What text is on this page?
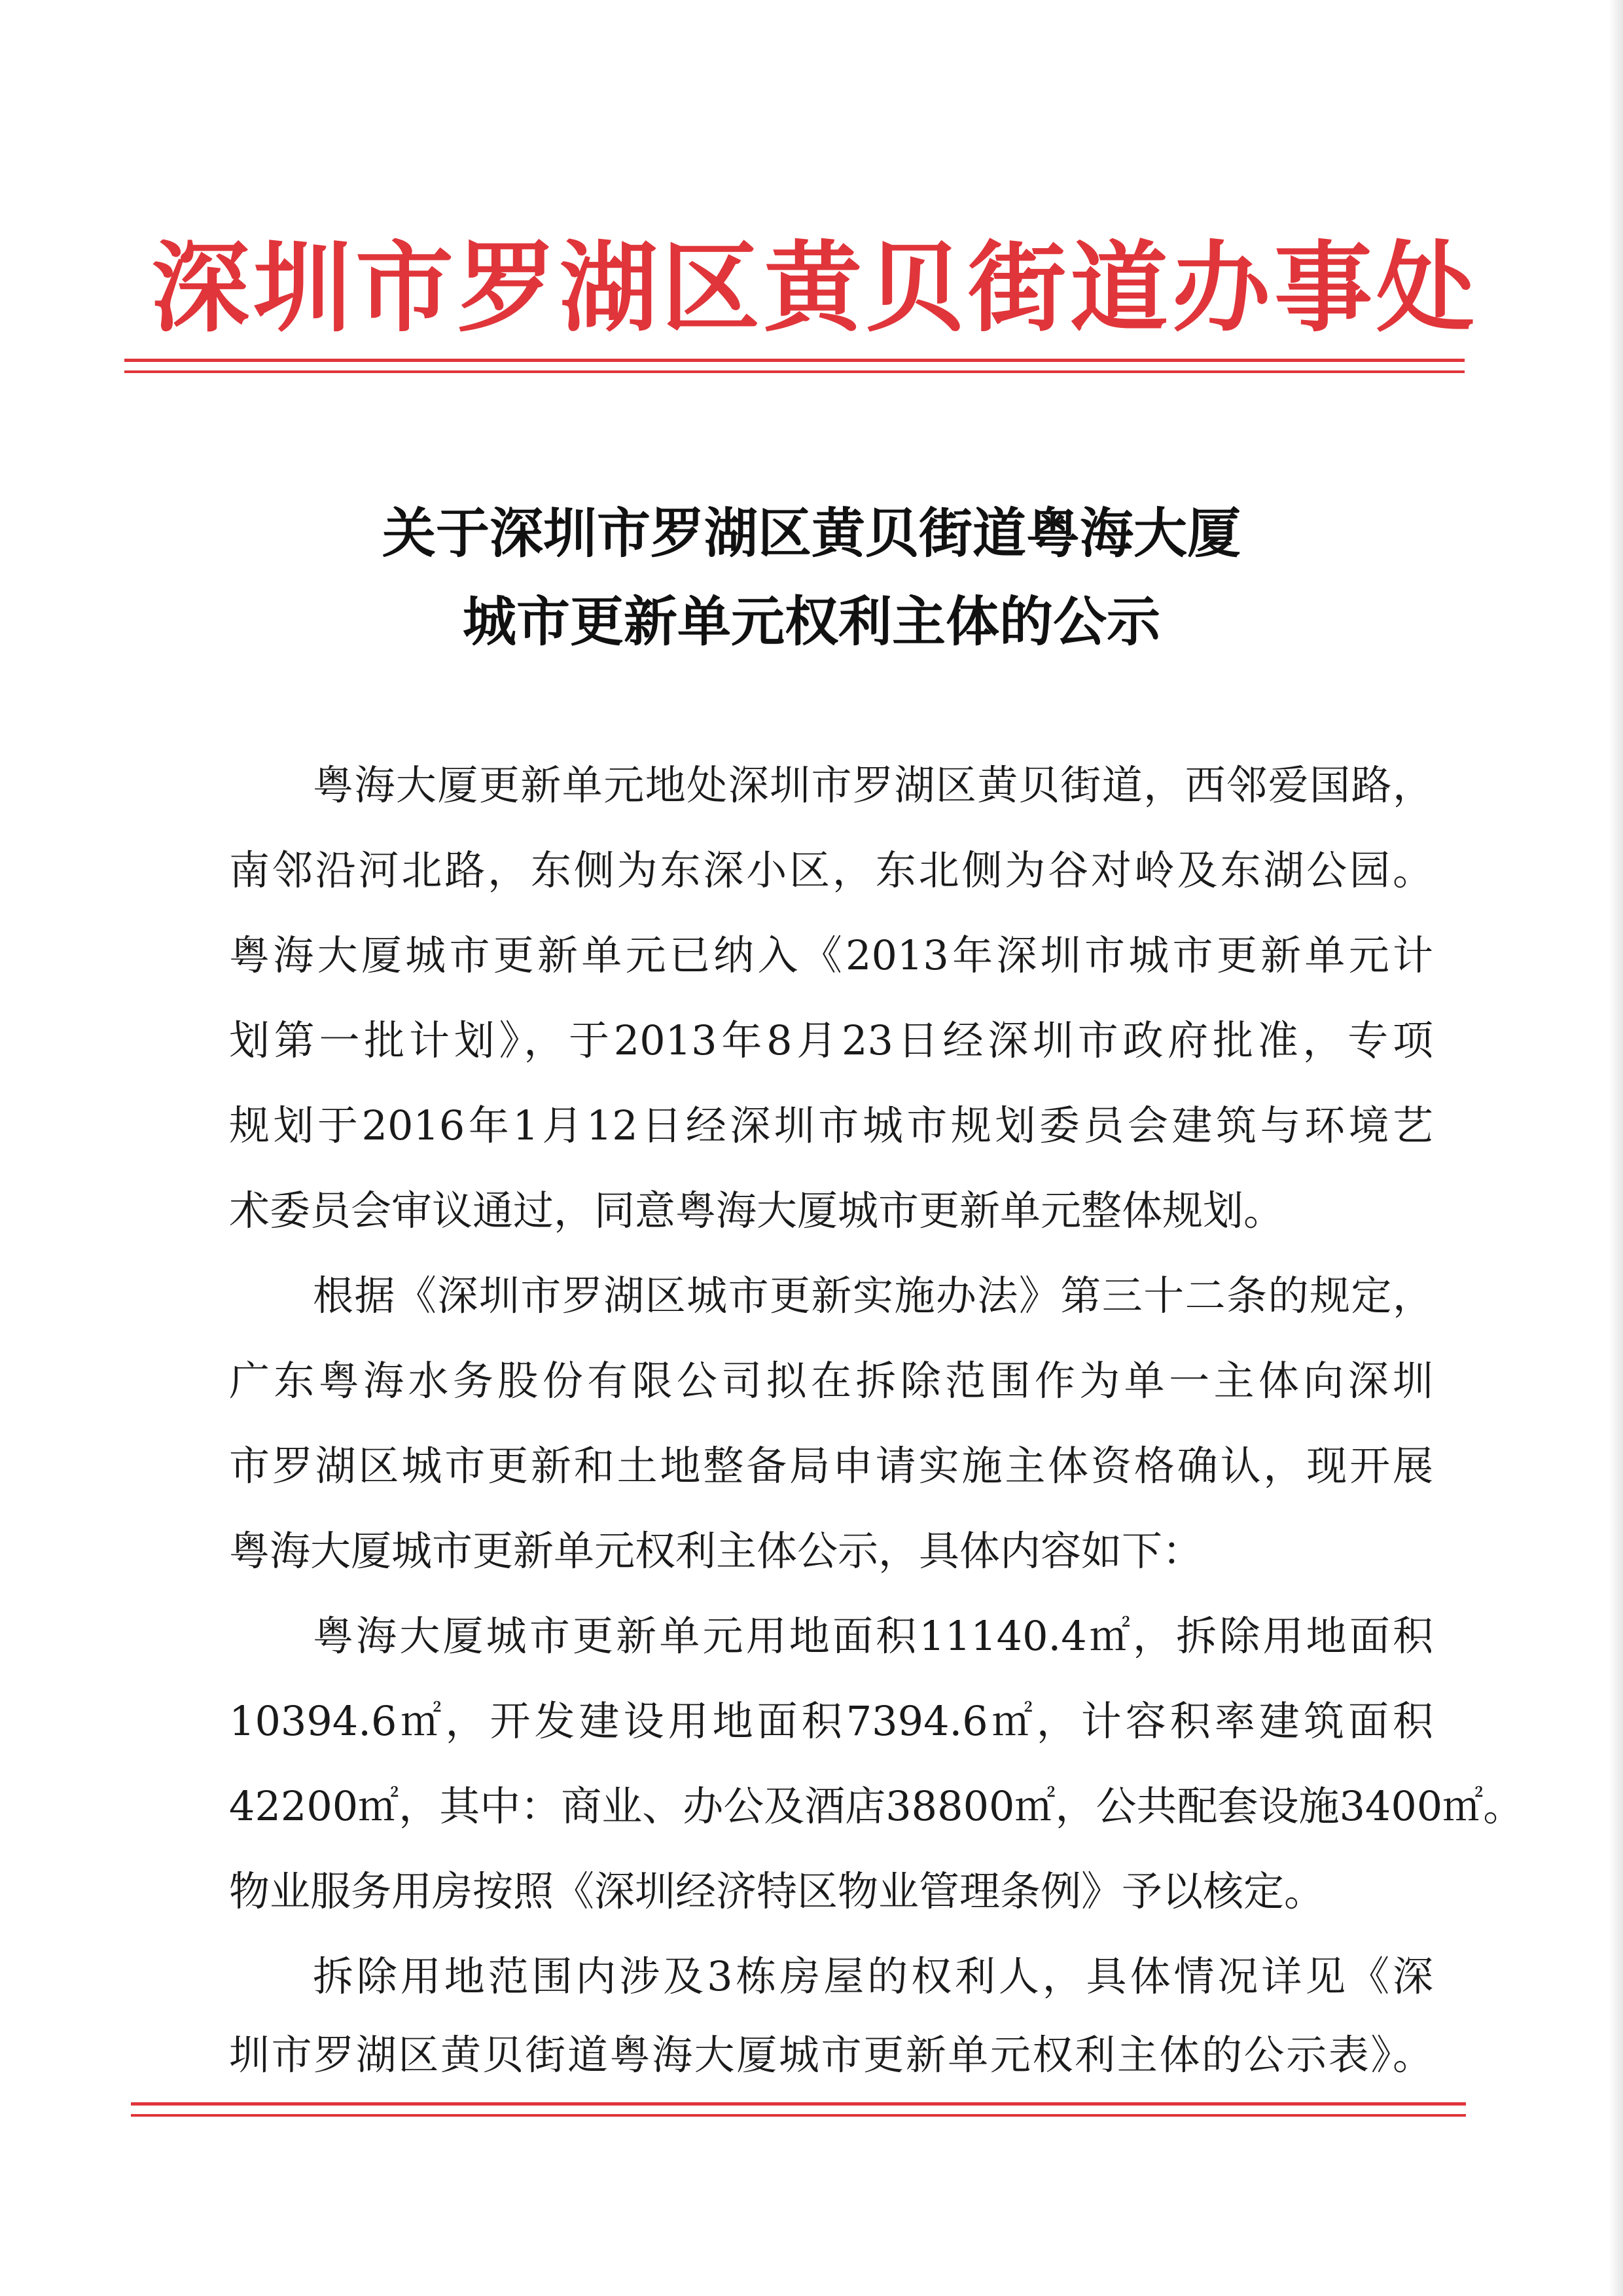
深圳市罗湖区黄贝街道办事处
关于深圳市罗湖区黄贝街道粤海大厦
城市更新单元权利主体的公示
粤海大厦更新单元地处深圳市罗湖区黄贝街道，西邻爱国路，
南邻沿河北路，东侧为东深小区，东北侧为谷对岭及东湖公园。
粤海大厦城市更新单元已纳入《2013年深圳市城市更新单元计
划第一批计划》，于2013年8月23日经深圳市政府批准，专项
规划于2016年1月12日经深圳市城市规划委员会建筑与环境艺
术委员会审议通过，同意粤海大厦城市更新单元整体规划。
根据《深圳市罗湖区城市更新实施办法》第三十二条的规定，
广东粤海水务股份有限公司拟在拆除范围作为单一主体向深圳
市罗湖区城市更新和土地整备局申请实施主体资格确认，现开展
粤海大厦城市更新单元权利主体公示，具体内容如下：
粤海大厦城市更新单元用地面积11140.4㎡，拆除用地面积
10394.6㎡，开发建设用地面积7394.6㎡，计容积率建筑面积
42200㎡，其中：商业、办公及酒店38800㎡，公共配套设施3400㎡。
物业服务用房按照《深圳经济特区物业管理条例》予以核定。
拆除用地范围内涉及3栋房屋的权利人，具体情况详见《深
圳市罗湖区黄贝街道粤海大厦城市更新单元权利主体的公示表》。
